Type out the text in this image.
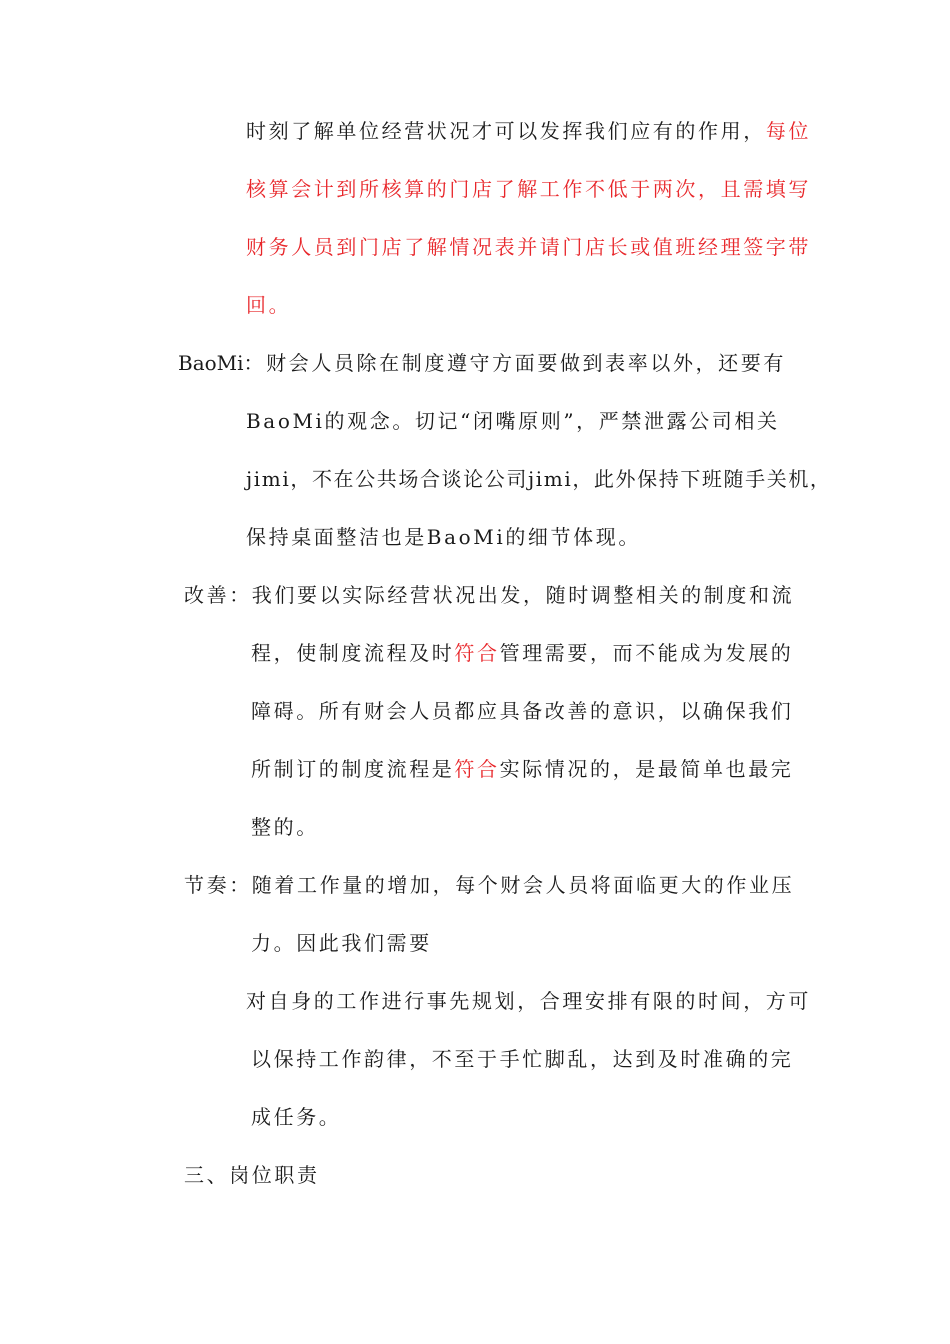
时刻了解单位经营状况才可以发挥我们应有的作用，每位
核算会计到所核算的门店了解工作不低于两次，且需填写
财务人员到门店了解情况表并请门店长或值班经理签字带
回。
BaoMi：财会人员除在制度遵守方面要做到表率以外，还要有
BaoMi的观念。切记“闭嘴原则”，严禁泄露公司相关
jimi，不在公共场合谈论公司jimi，此外保持下班随手关机，
保持桌面整洁也是BaoMi的细节体现。
改善：我们要以实际经营状况出发，随时调整相关的制度和流
程，使制度流程及时符合管理需要，而不能成为发展的
障碍。所有财会人员都应具备改善的意识，以确保我们
所制订的制度流程是符合实际情况的，是最简单也最完
整的。
节奏：随着工作量的增加，每个财会人员将面临更大的作业压
力。因此我们需要
对自身的工作进行事先规划，合理安排有限的时间，方可
以保持工作韵律，不至于手忙脚乱，达到及时准确的完
成任务。
三、岗位职责
